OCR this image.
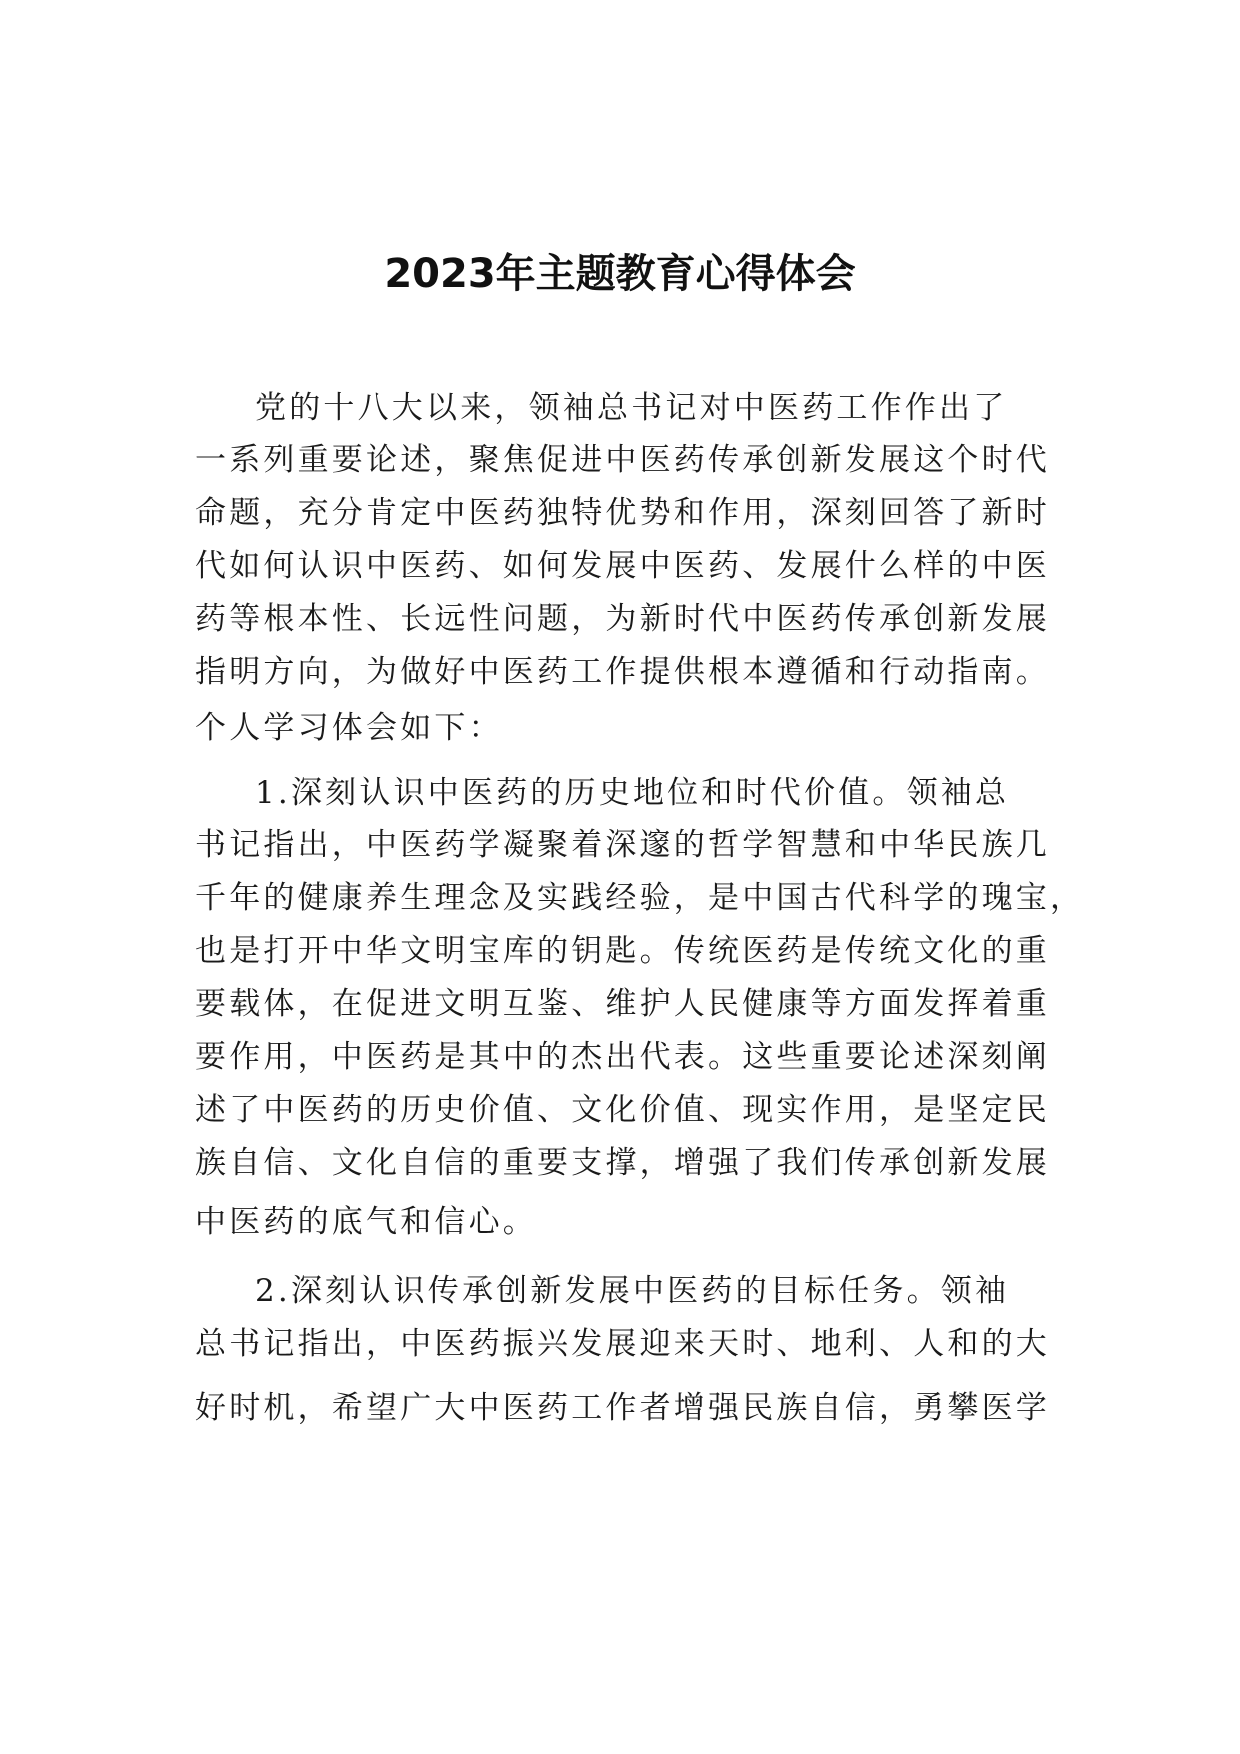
2023年主题教育心得体会
党的十八大以来，领袖总书记对中医药工作作出了
一系列重要论述，聚焦促进中医药传承创新发展这个时代
命题，充分肯定中医药独特优势和作用，深刻回答了新时
代如何认识中医药、如何发展中医药、发展什么样的中医
药等根本性、长远性问题，为新时代中医药传承创新发展
指明方向，为做好中医药工作提供根本遵循和行动指南。
个人学习体会如下：
1.深刻认识中医药的历史地位和时代价值。领袖总
书记指出，中医药学凝聚着深邃的哲学智慧和中华民族几
千年的健康养生理念及实践经验，是中国古代科学的瑰宝，
也是打开中华文明宝库的钥匙。传统医药是传统文化的重
要载体，在促进文明互鉴、维护人民健康等方面发挥着重
要作用，中医药是其中的杰出代表。这些重要论述深刻阐
述了中医药的历史价值、文化价值、现实作用，是坚定民
族自信、文化自信的重要支撑，增强了我们传承创新发展
中医药的底气和信心。
2.深刻认识传承创新发展中医药的目标任务。领袖
总书记指出，中医药振兴发展迎来天时、地利、人和的大
好时机，希望广大中医药工作者增强民族自信，勇攀医学
